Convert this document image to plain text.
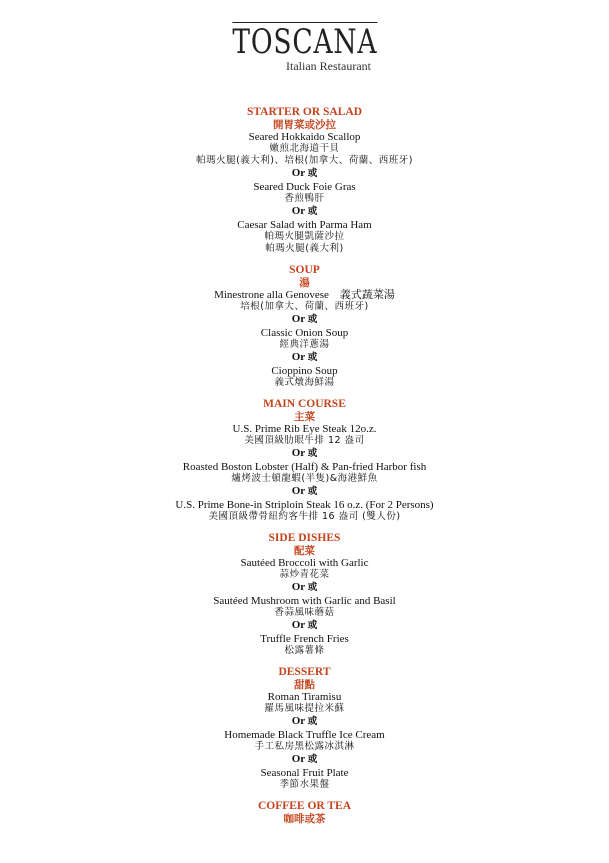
TOSCANA
Italian Restaurant
STARTER OR SALAD
開胃菜或沙拉
Seared Hokkaido Scallop
嫩煎北海道干貝
帕瑪火腿(義大利)、培根(加拿大、荷蘭、西班牙)
Or 或
Seared Duck Foie Gras
香煎鴨肝
Or 或
Caesar Salad with Parma Ham
帕瑪火腿凱薩沙拉
帕瑪火腿(義大利)
SOUP
湯
Minestrone alla Genovese　義式蔬菜湯
培根(加拿大、荷蘭、西班牙)
Or 或
Classic Onion Soup
經典洋蔥湯
Or 或
Cioppino Soup
義式燉海鮮湯
MAIN COURSE
主菜
U.S. Prime Rib Eye Steak 12o.z.
美國頂級肋眼牛排 12 盎司
Or 或
Roasted Boston Lobster (Half) & Pan-fried Harbor fish
爐烤波士頓龍蝦(半隻)&海港鮮魚
Or 或
U.S. Prime Bone-in Striploin Steak 16 o.z. (For 2 Persons)
美國頂級帶骨紐約客牛排 16 盎司 (雙人份)
SIDE DISHES
配菜
Sautéed Broccoli with Garlic
蒜炒青花菜
Or 或
Sautéed Mushroom with Garlic and Basil
香蒜風味蘑菇
Or 或
Truffle French Fries
松露薯條
DESSERT
甜點
Roman Tiramisu
羅馬風味提拉米蘇
Or 或
Homemade Black Truffle Ice Cream
手工私房黑松露冰淇淋
Or 或
Seasonal Fruit Plate
季節水果盤
COFFEE OR TEA
咖啡或茶
